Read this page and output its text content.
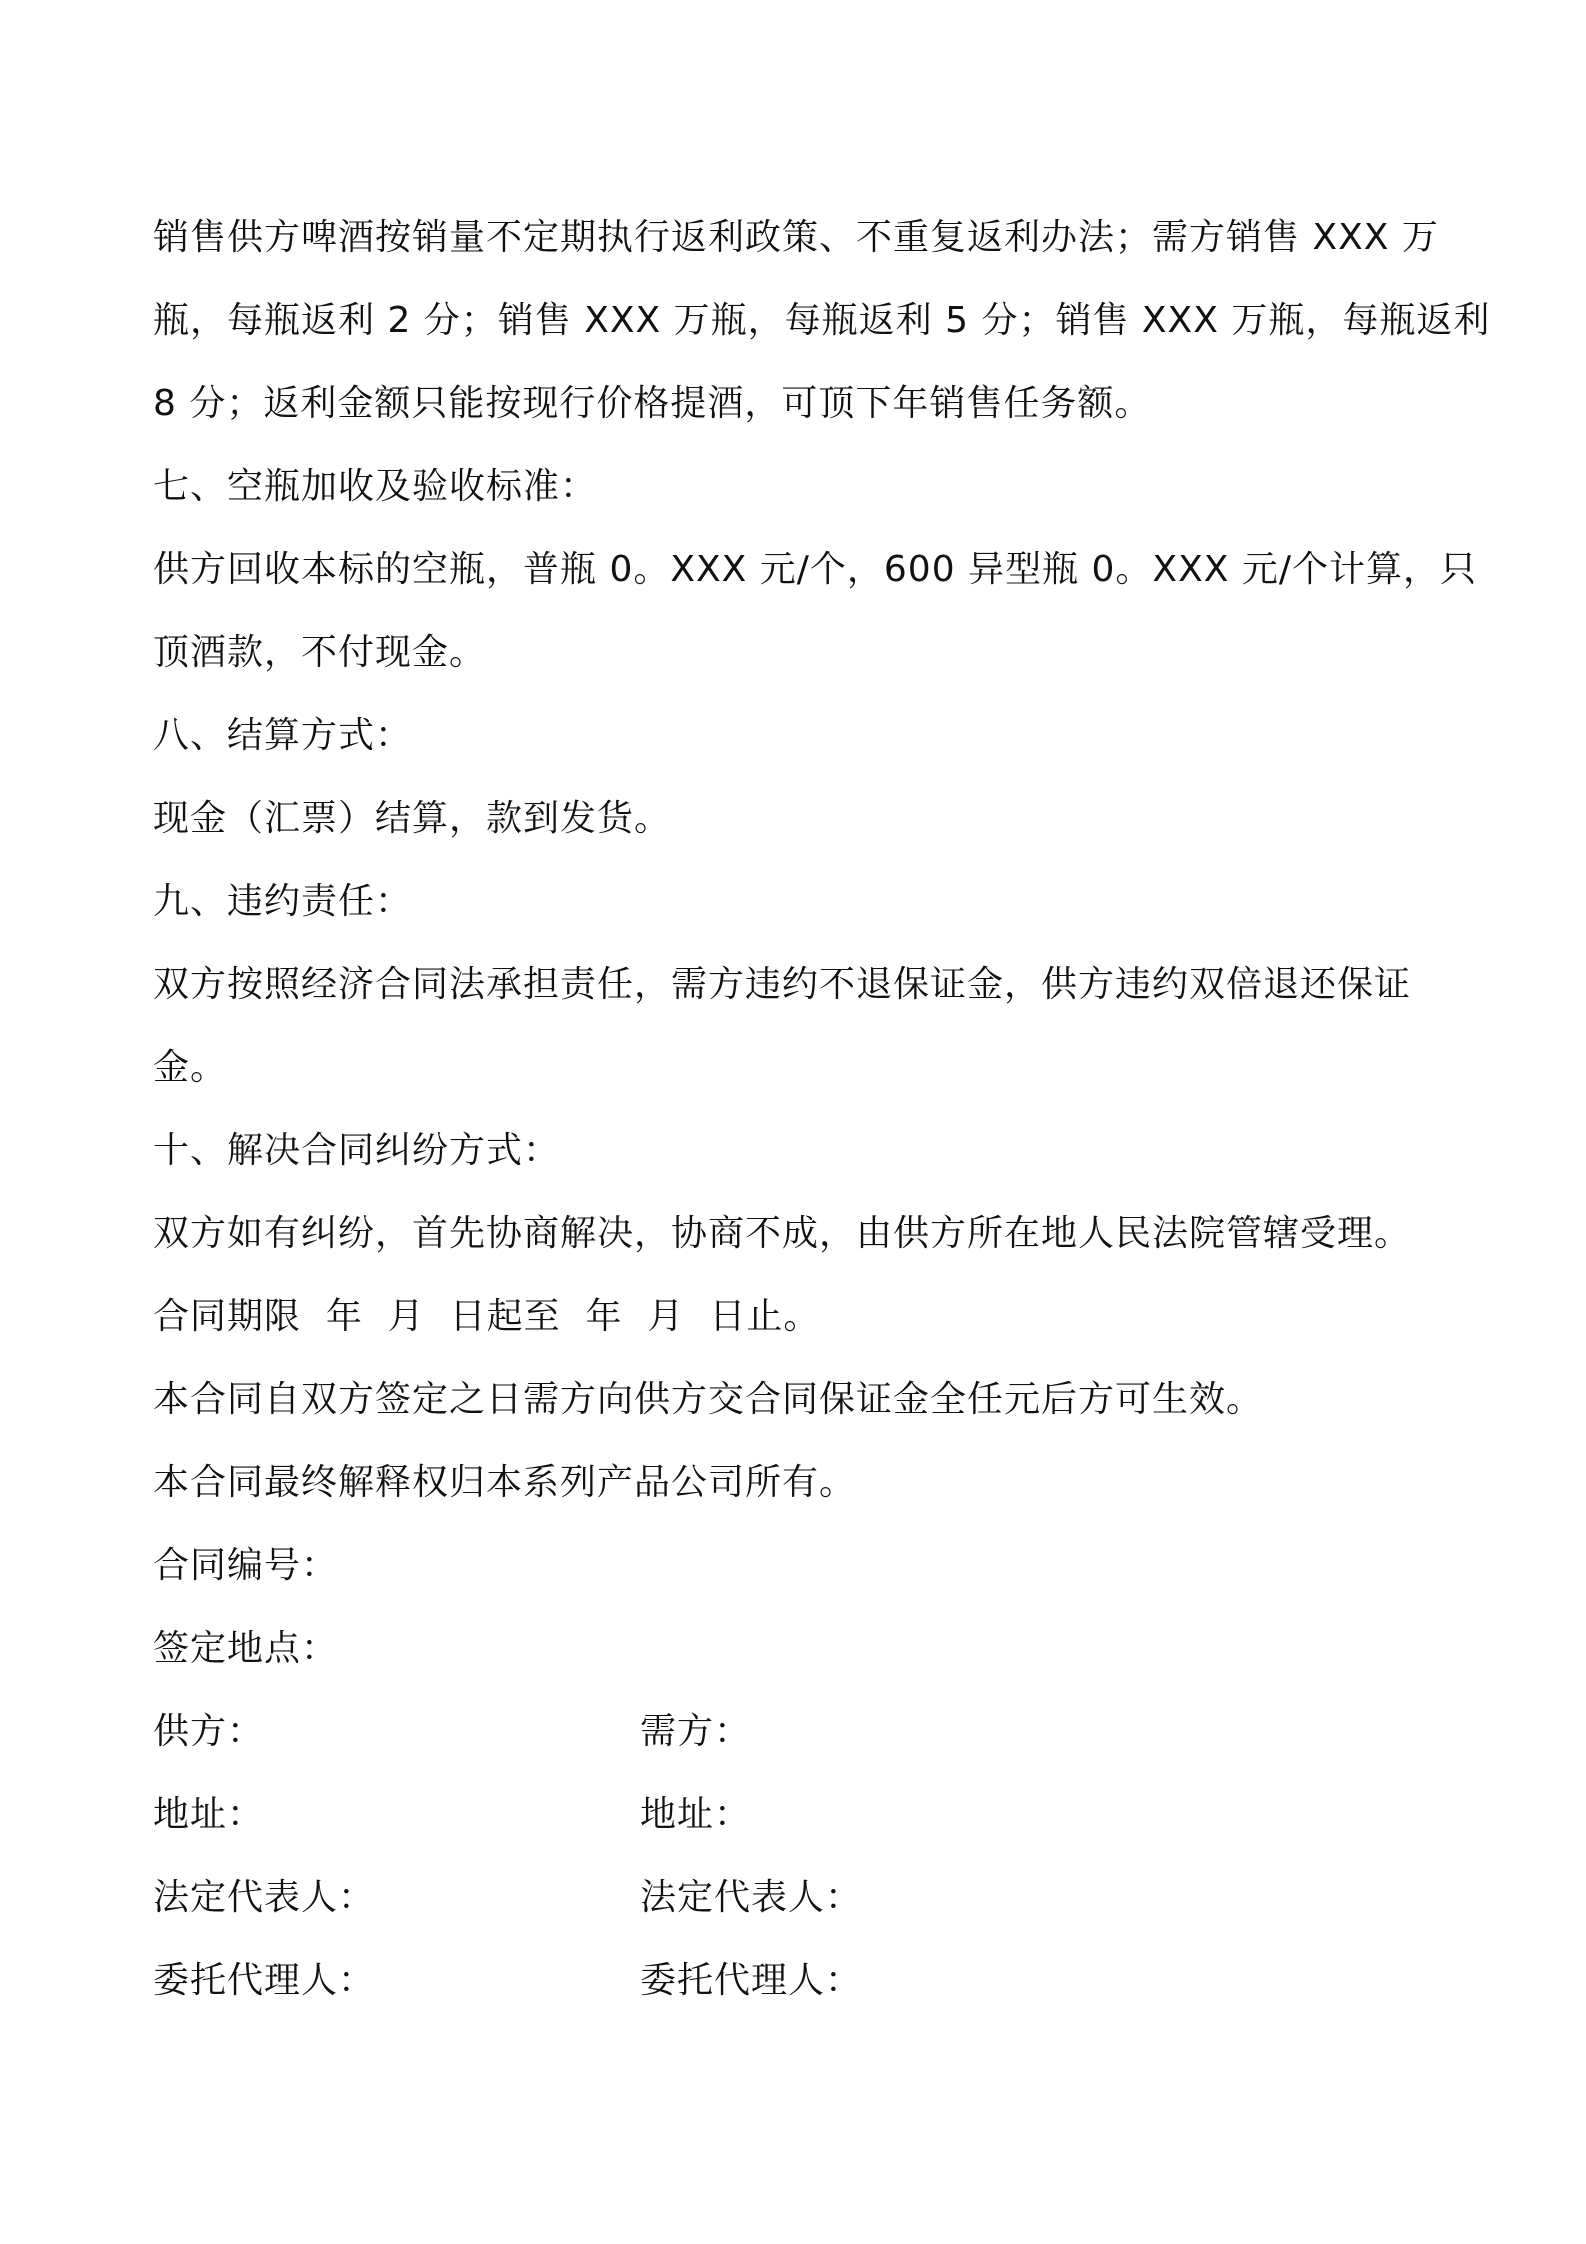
销售供方啤酒按销量不定期执行返利政策、不重复返利办法；需方销售 XXX 万
瓶，每瓶返利 2 分；销售 XXX 万瓶，每瓶返利 5 分；销售 XXX 万瓶，每瓶返利
8 分；返利金额只能按现行价格提酒，可顶下年销售任务额。
七、空瓶加收及验收标准：
供方回收本标的空瓶，普瓶 0。XXX 元/个，600 异型瓶 0。XXX 元/个计算，只
顶酒款，不付现金。
八、结算方式：
现金（汇票）结算，款到发货。
九、违约责任：
双方按照经济合同法承担责任，需方违约不退保证金，供方违约双倍退还保证
金。
十、解决合同纠纷方式：
双方如有纠纷，首先协商解决，协商不成，由供方所在地人民法院管辖受理。
合同期限  年  月  日起至  年  月  日止。
本合同自双方签定之日需方向供方交合同保证金全任元后方可生效。
本合同最终解释权归本系列产品公司所有。
合同编号：
签定地点：
供方：	需方：
地址：	地址：
法定代表人：	法定代表人：
委托代理人：	委托代理人：
